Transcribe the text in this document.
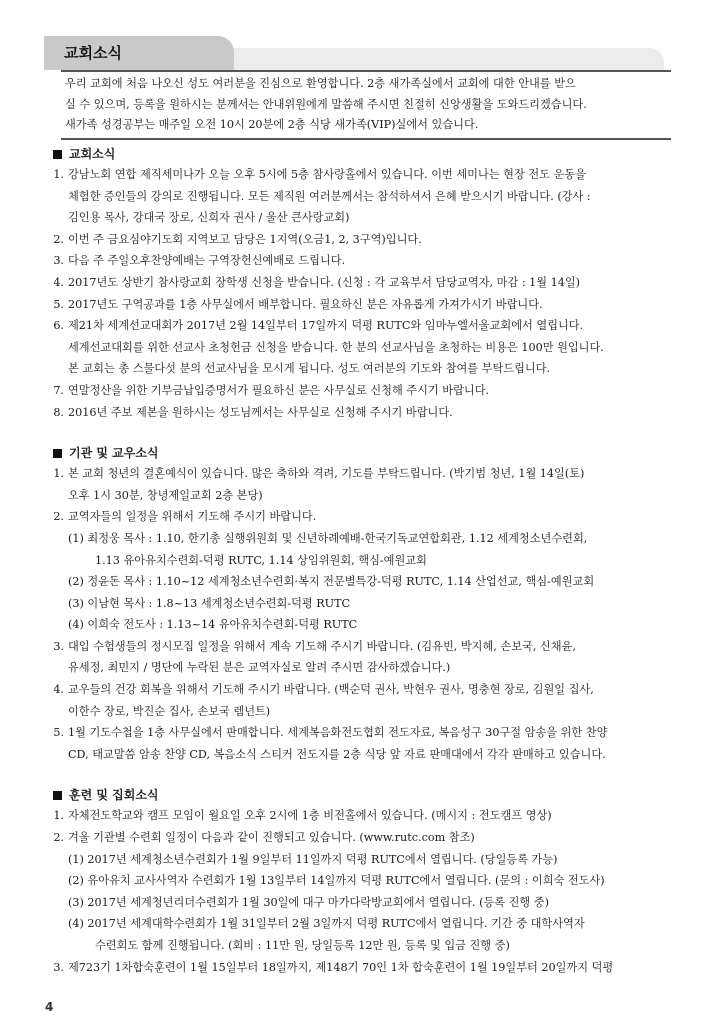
교회소식
우리 교회에 처음 나오신 성도 여러분을 진심으로 환영합니다. 2층 새가족실에서 교회에 대한 안내를 받으
실 수 있으며, 등록을 원하시는 분께서는 안내위원에게 말씀해 주시면 친절히 신앙생활을 도와드리겠습니다.
새가족 성경공부는 매주일 오전 10시 20분에 2층 식당 새가족(VIP)실에서 있습니다.
교회소식
1. 강남노회 연합 제직세미나가 오늘 오후 5시에 5층 참사랑홀에서 있습니다. 이번 세미나는 현장 전도 운동을
체험한 증인들의 강의로 진행됩니다. 모든 제직원 여러분께서는 참석하셔서 은혜 받으시기 바랍니다. (강사 :
김인용 목사, 강대국 장로, 신희자 권사 / 울산 큰사랑교회)
2. 이번 주 금요심야기도회 지역보고 담당은 1지역(오금1, 2, 3구역)입니다.
3. 다음 주 주일오후찬양예배는 구역장헌신예배로 드립니다.
4. 2017년도 상반기 참사랑교회 장학생 신청을 받습니다. (신청 : 각 교육부서 담당교역자, 마감 : 1월 14일)
5. 2017년도 구역공과를 1층 사무실에서 배부합니다. 필요하신 분은 자유롭게 가져가시기 바랍니다.
6. 제21차 세계선교대회가 2017년 2월 14일부터 17일까지 덕평 RUTC와 임마누엘서울교회에서 열립니다.
세계선교대회를 위한 선교사 초청헌금 신청을 받습니다. 한 분의 선교사님을 초청하는 비용은 100만 원입니다.
본 교회는 총 스물다섯 분의 선교사님을 모시게 됩니다. 성도 여러분의 기도와 참여를 부탁드립니다.
7. 연말정산을 위한 기부금납입증명서가 필요하신 분은 사무실로 신청해 주시기 바랍니다.
8. 2016년 주보 제본을 원하시는 성도님께서는 사무실로 신청해 주시기 바랍니다.
기관 및 교우소식
1. 본 교회 청년의 결혼예식이 있습니다. 많은 축하와 격려, 기도를 부탁드립니다. (박기범 청년, 1월 14일(토)
오후 1시 30분, 창녕제일교회 2층 본당)
2. 교역자들의 일정을 위해서 기도해 주시기 바랍니다.
(1) 최정웅 목사 : 1.10, 한기총 실행위원회 및 신년하례예배-한국기독교연합회관, 1.12 세계청소년수련회,
1.13 유아유치수련회-덕평 RUTC, 1.14 상임위원회, 핵심-예원교회
(2) 정윤돈 목사 : 1.10~12 세계청소년수련회·복지 전문별특강-덕평 RUTC, 1.14 산업선교, 핵심-예원교회
(3) 이남현 목사 : 1.8~13 세계청소년수련회-덕평 RUTC
(4) 이희숙 전도사 : 1.13~14 유아유치수련회-덕평 RUTC
3. 대입 수험생들의 정시모집 일정을 위해서 계속 기도해 주시기 바랍니다. (김유빈, 박지혜, 손보국, 신채윤,
유세정, 최민지 / 명단에 누락된 분은 교역자실로 알려 주시면 감사하겠습니다.)
4. 교우들의 건강 회복을 위해서 기도해 주시기 바랍니다. (백순덕 권사, 박현우 권사, 명충현 장로, 김원일 집사,
이한수 장로, 박진순 집사, 손보국 렘넌트)
5. 1월 기도수첩을 1층 사무실에서 판매합니다. 세계복음화전도협회 전도자료, 복음성구 30구절 암송을 위한 찬양
CD, 태교말씀 암송 찬양 CD, 복음소식 스티커 전도지를 2층 식당 앞 자료 판매대에서 각각 판매하고 있습니다.
훈련 및 집회소식
1. 자체전도학교와 캠프 모임이 월요일 오후 2시에 1층 비전홀에서 있습니다. (메시지 : 전도캠프 영상)
2. 겨울 기관별 수련회 일정이 다음과 같이 진행되고 있습니다. (www.rutc.com 참조)
(1) 2017년 세계청소년수련회가 1월 9일부터 11일까지 덕평 RUTC에서 열립니다. (당일등록 가능)
(2) 유아유치 교사사역자 수련회가 1월 13일부터 14일까지 덕평 RUTC에서 열립니다. (문의 : 이희숙 전도사)
(3) 2017년 세계청년리더수련회가 1월 30일에 대구 마가다락방교회에서 열립니다. (등록 진행 중)
(4) 2017년 세계대학수련회가 1월 31일부터 2월 3일까지 덕평 RUTC에서 열립니다. 기간 중 대학사역자
수련회도 함께 진행됩니다. (회비 : 11만 원, 당일등록 12만 원, 등록 및 입금 진행 중)
3. 제723기 1차합숙훈련이 1월 15일부터 18일까지, 제148기 70인 1차 합숙훈련이 1월 19일부터 20일까지 덕평
4
